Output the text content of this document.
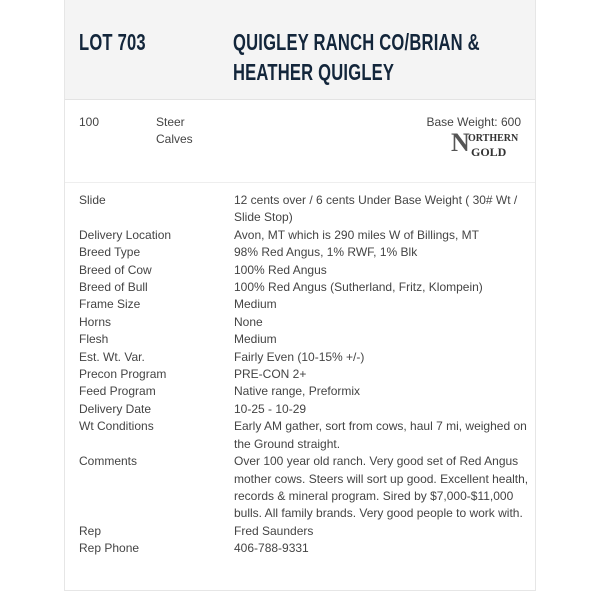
LOT 703	QUIGLEY RANCH CO/BRIAN & HEATHER QUIGLEY
100	Steer Calves
Base Weight: 600
N
ORTHERN
GOLD
Slide	12 cents over / 6 cents Under Base Weight ( 30# Wt / Slide Stop)
Delivery Location	Avon, MT which is 290 miles W of Billings, MT
Breed Type	98% Red Angus, 1% RWF, 1% Blk
Breed of Cow	100% Red Angus
Breed of Bull	100% Red Angus (Sutherland, Fritz, Klompein)
Frame Size	Medium
Horns	None
Flesh	Medium
Est. Wt. Var.	Fairly Even (10-15% +/-)
Precon Program	PRE-CON 2+
Feed Program	Native range, Preformix
Delivery Date	10-25 - 10-29
Wt Conditions	Early AM gather, sort from cows, haul 7 mi, weighed on the Ground straight.
Comments	Over 100 year old ranch. Very good set of Red Angus mother cows. Steers will sort up good. Excellent health, records & mineral program. Sired by $7,000-$11,000 bulls. All family brands. Very good people to work with.
Rep	Fred Saunders
Rep Phone	406-788-9331
